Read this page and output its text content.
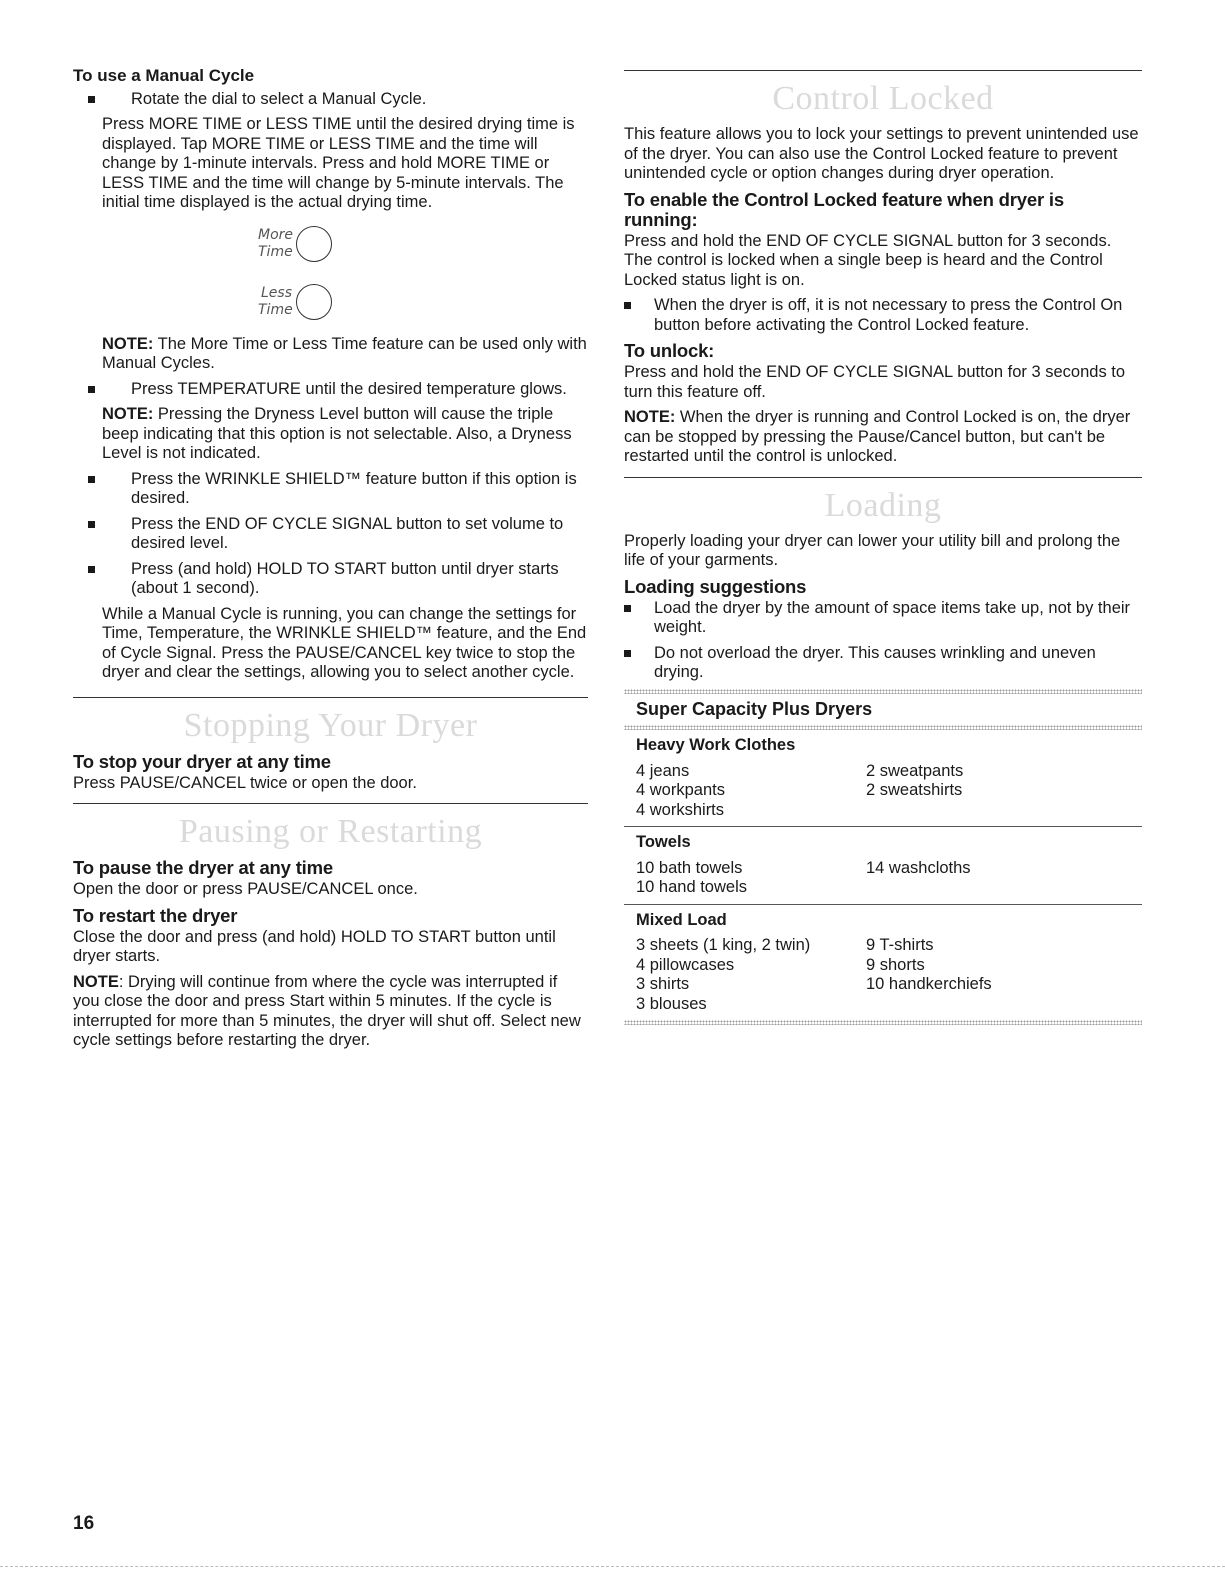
To use a Manual Cycle
Rotate the dial to select a Manual Cycle.

Press MORE TIME or LESS TIME until the desired drying time is displayed. Tap MORE TIME or LESS TIME and the time will change by 1-minute intervals. Press and hold MORE TIME or LESS TIME and the time will change by 5-minute intervals. The initial time displayed is the actual drying time.

More
Time
Less
Time

NOTE: The More Time or Less Time feature can be used only with Manual Cycles.

Press TEMPERATURE until the desired temperature glows.

NOTE: Pressing the Dryness Level button will cause the triple beep indicating that this option is not selectable. Also, a Dryness Level is not indicated.

Press the WRINKLE SHIELD™ feature button if this option is desired.
Press the END OF CYCLE SIGNAL button to set volume to desired level.
Press (and hold) HOLD TO START button until dryer starts (about 1 second).

While a Manual Cycle is running, you can change the settings for Time, Temperature, the WRINKLE SHIELD™ feature, and the End of Cycle Signal. Press the PAUSE/CANCEL key twice to stop the dryer and clear the settings, allowing you to select another cycle.

Stopping Your Dryer
To stop your dryer at any time

Press PAUSE/CANCEL twice or open the door.

Pausing or Restarting
To pause the dryer at any time

Open the door or press PAUSE/CANCEL once.

To restart the dryer

Close the door and press (and hold) HOLD TO START button until dryer starts.

NOTE: Drying will continue from where the cycle was interrupted if you close the door and press Start within 5 minutes. If the cycle is interrupted for more than 5 minutes, the dryer will shut off. Select new cycle settings before restarting the dryer.

Control Locked

This feature allows you to lock your settings to prevent unintended use of the dryer. You can also use the Control Locked feature to prevent unintended cycle or option changes during dryer operation.

To enable the Control Locked feature when dryer is running:

Press and hold the END OF CYCLE SIGNAL button for 3 seconds. The control is locked when a single beep is heard and the Control Locked status light is on.

When the dryer is off, it is not necessary to press the Control On button before activating the Control Locked feature.
To unlock:

Press and hold the END OF CYCLE SIGNAL button for 3 seconds to turn this feature off.

NOTE: When the dryer is running and Control Locked is on, the dryer can be stopped by pressing the Pause/Cancel button, but can't be restarted until the control is unlocked.

Loading

Properly loading your dryer can lower your utility bill and prolong the life of your garments.

Loading suggestions
Load the dryer by the amount of space items take up, not by their weight.
Do not overload the dryer. This causes wrinkling and uneven drying.
Super Capacity Plus Dryers
Heavy Work Clothes
4 jeans
4 workpants
4 workshirts
2 sweatpants
2 sweatshirts
Towels
10 bath towels
10 hand towels
14 washcloths
Mixed Load
3 sheets (1 king, 2 twin)
4 pillowcases
3 shirts
3 blouses
9 T-shirts
9 shorts
10 handkerchiefs
16
